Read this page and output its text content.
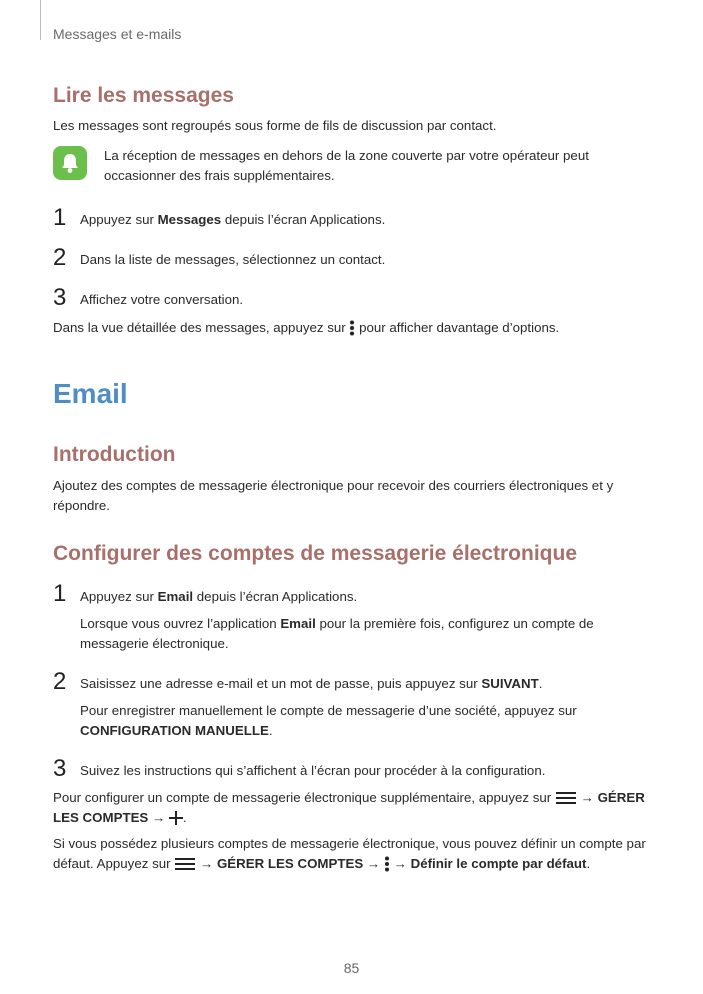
Messages et e-mails
Lire les messages
Les messages sont regroupés sous forme de fils de discussion par contact.
La réception de messages en dehors de la zone couverte par votre opérateur peut occasionner des frais supplémentaires.
1 Appuyez sur Messages depuis l’écran Applications.
2 Dans la liste de messages, sélectionnez un contact.
3 Affichez votre conversation.
Dans la vue détaillée des messages, appuyez sur pour afficher davantage d’options.
Email
Introduction
Ajoutez des comptes de messagerie électronique pour recevoir des courriers électroniques et y répondre.
Configurer des comptes de messagerie électronique
1 Appuyez sur Email depuis l’écran Applications.
Lorsque vous ouvrez l’application Email pour la première fois, configurez un compte de messagerie électronique.
2 Saisissez une adresse e-mail et un mot de passe, puis appuyez sur SUIVANT.
Pour enregistrer manuellement le compte de messagerie d’une société, appuyez sur CONFIGURATION MANUELLE.
3 Suivez les instructions qui s’affichent à l’écran pour procéder à la configuration.
Pour configurer un compte de messagerie électronique supplémentaire, appuyez sur  → GÉRER LES COMPTES → .
Si vous possédez plusieurs comptes de messagerie électronique, vous pouvez définir un compte par défaut. Appuyez sur  → GÉRER LES COMPTES →  → Définir le compte par défaut.
85
